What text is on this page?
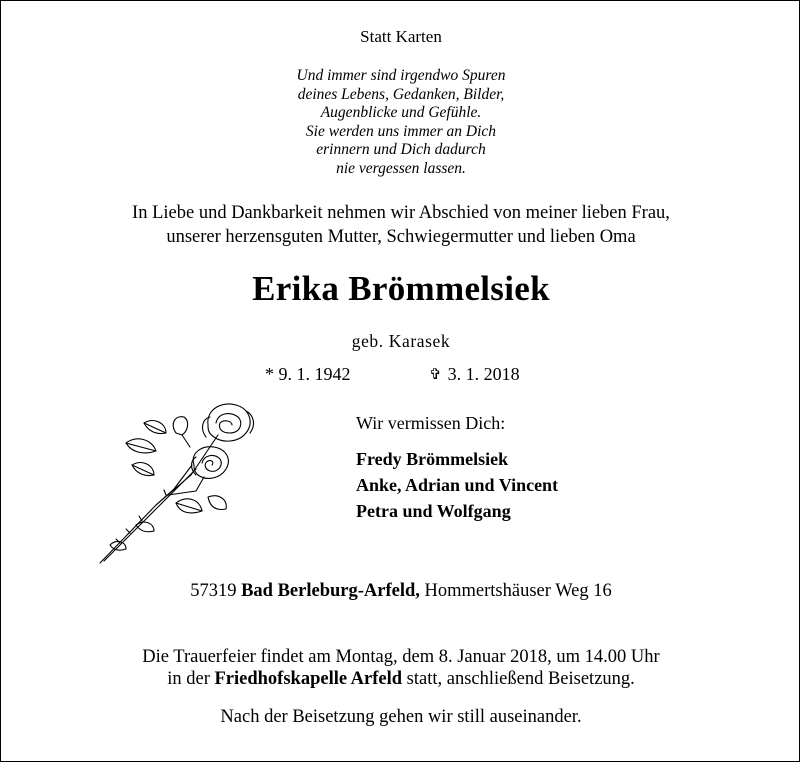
Statt Karten
Und immer sind irgendwo Spuren
deines Lebens, Gedanken, Bilder,
Augenblicke und Gefühle.
Sie werden uns immer an Dich
erinnern und Dich dadurch
nie vergessen lassen.
In Liebe und Dankbarkeit nehmen wir Abschied von meiner lieben Frau,
unserer herzensguten Mutter, Schwiegermutter und lieben Oma
Erika Brömmelsiek
geb. Karasek
* 9. 1. 1942	✞ 3. 1. 2018
Wir vermissen Dich:
Fredy Brömmelsiek
Anke, Adrian und Vincent
Petra und Wolfgang
57319 Bad Berleburg-Arfeld, Hommertshäuser Weg 16
Die Trauerfeier findet am Montag, dem 8. Januar 2018, um 14.00 Uhr
in der Friedhofskapelle Arfeld statt, anschließend Beisetzung.
Nach der Beisetzung gehen wir still auseinander.
